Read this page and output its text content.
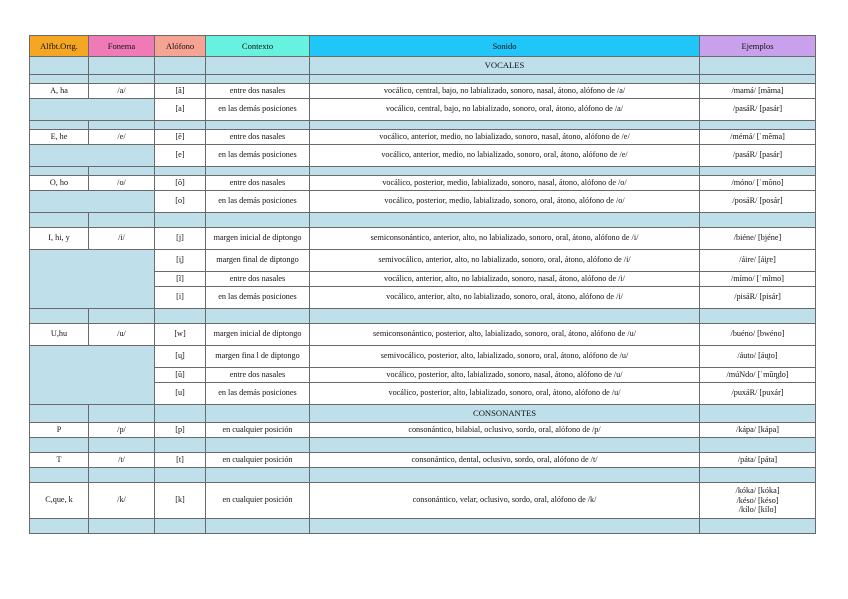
Alfbt.Ortg.	Fonema	Alófono	Contexto	Sonido	Ejemplos
				VOCALES	

A, ha	/a/	[ã]	entre dos nasales	vocálico, central, bajo, no labializado, sonoro, nasal, átono, alófono de /a/	/mamá/ [mãma]
		[a]	en las demás posiciones	vocálico, central, bajo, no labializado, sonoro, oral, átono, alófono de /a/	/pasáR/ [pasár]

E, he	/e/	[ẽ]	entre dos nasales	vocálico, anterior, medio, no labializado, sonoro, nasal, átono, alófono de /e/	/mémá/ [ˈmẽma]
		[e]	en las demás posiciones	vocálico, anterior, medio, no labializado, sonoro, oral, átono, alófono de /e/	/pasáR/ [pasár]

O, ho	/o/	[õ]	entre dos nasales	vocálico, posterior, medio, labializado, sonoro, nasal, átono, alófono de /o/	/móno/ [ˈmõno]
		[o]	en las demás posiciones	vocálico, posterior, medio, labializado, sonoro, oral, átono, alófono de /o/	/posáR/ [posár]

I, hi, y	/i/	[j]	margen inicial de diptongo	semiconsonántico, anterior, alto, no labializado, sonoro, oral, átono, alófono de /i/	/biéne/ [bjéne]
		[i̯]	margen final de diptongo	semivocálico, anterior, alto, no labializado, sonoro, oral, átono, alófono de /i/	/áire/ [ái̯re]
		[ĩ]	entre dos nasales	vocálico, anterior, alto, no labializado, sonoro, nasal, átono, alófono de /i/	/mímo/ [ˈmĩmo]
		[i]	en las demás posiciones	vocálico, anterior, alto, no labializado, sonoro, oral, átono, alófono de /i/	/pisáR/ [pisár]

U,hu	/u/	[w]	margen inicial de diptongo	semiconsonántico, posterior, alto, labializado, sonoro, oral, átono, alófono de /u/	/buéno/ [bwéno]
		[u̯]	margen fina l de diptongo	semivocálico, posterior, alto, labializado, sonoro, oral, átono, alófono de /u/	/áuto/ [áu̯to]
		[ũ]	entre dos nasales	vocálico, posterior, alto, labializado, sonoro, nasal, átono, alófono de /u/	/múNdo/ [ˈmũn̪do]
		[u]	en las demás posiciones	vocálico, posterior, alto, labializado, sonoro, oral, átono, alófono de /u/	/puxáR/ [puxár]
				CONSONANTES	
P	/p/	[p]	en cualquier posición	consonántico, bilabial, oclusivo, sordo, oral, alófono de /p/	/kápa/ [kápa]

T	/t/	[t]	en cualquier posición	consonántico, dental, oclusivo, sordo, oral, alófono de /t/	/páta/ [páta]

C,que, k	/k/	[k]	en cualquier posición	consonántico, velar, oclusivo, sordo, oral, alófono de /k/	/kóka/ [kóka]
/késo/ [késo]
/kílo/ [kílo]
